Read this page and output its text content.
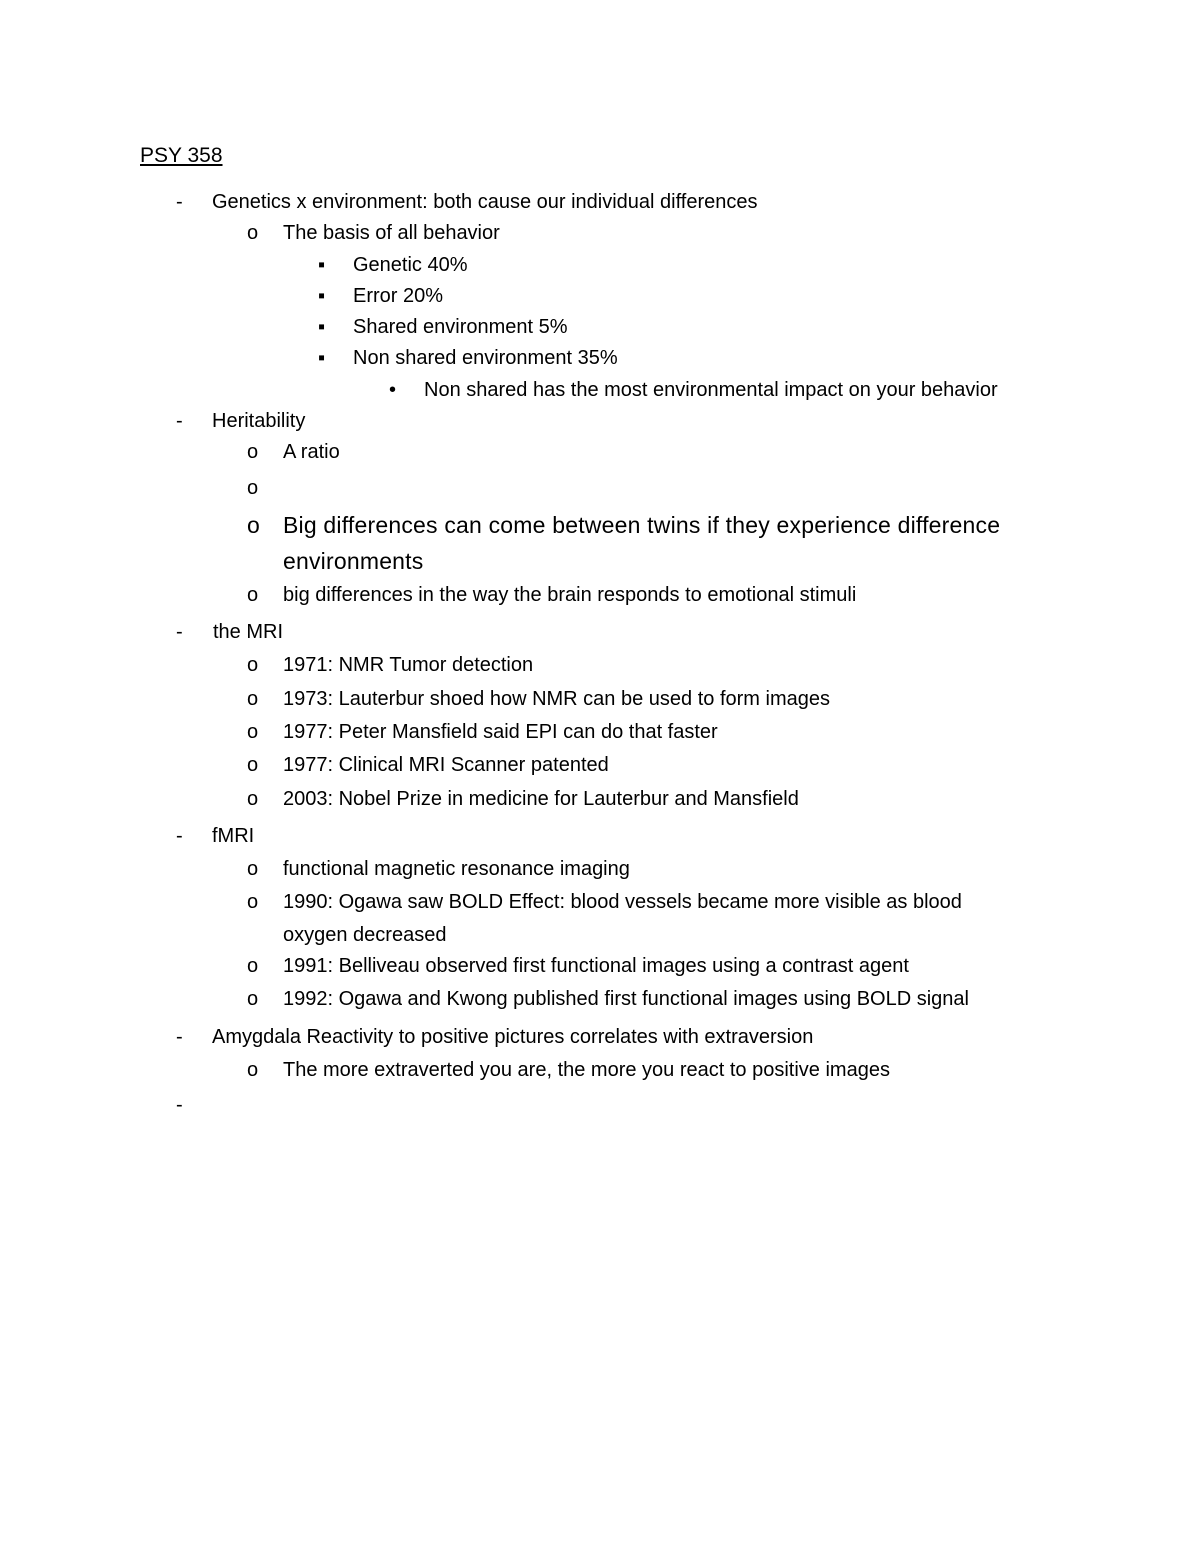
PSY 358
- Genetics x environment: both cause our individual differences
o The basis of all behavior
▪ Genetic 40%
▪ Error 20%
▪ Shared environment 5%
▪ Non shared environment 35%
• Non shared has the most environmental impact on your behavior
- Heritability
o A ratio
o
o Big differences can come between twins if they experience difference
environments
o big differences in the way the brain responds to emotional stimuli
- the MRI
o 1971: NMR Tumor detection
o 1973: Lauterbur shoed how NMR can be used to form images
o 1977: Peter Mansfield said EPI can do that faster
o 1977: Clinical MRI Scanner patented
o 2003: Nobel Prize in medicine for Lauterbur and Mansfield
- fMRI
o functional magnetic resonance imaging
o 1990: Ogawa saw BOLD Effect: blood vessels became more visible as blood
oxygen decreased
o 1991: Belliveau observed first functional images using a contrast agent
o 1992: Ogawa and Kwong published first functional images using BOLD signal
- Amygdala Reactivity to positive pictures correlates with extraversion
o The more extraverted you are, the more you react to positive images
-
